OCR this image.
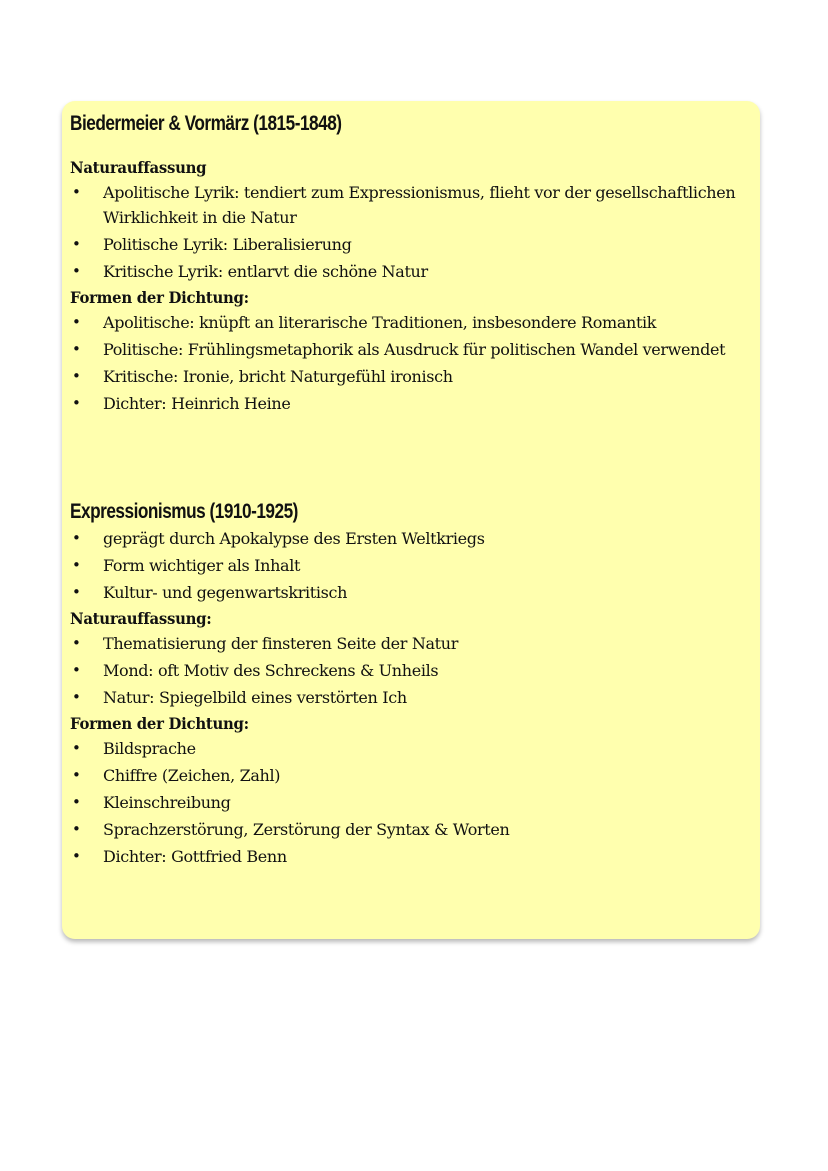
Biedermeier & Vormärz (1815-1848)
Naturauffassung
• Apolitische Lyrik: tendiert zum Expressionismus, flieht vor der gesellschaftlichen Wirklichkeit in die Natur
• Politische Lyrik: Liberalisierung
• Kritische Lyrik: entlarvt die schöne Natur
Formen der Dichtung:
• Apolitische: knüpft an literarische Traditionen, insbesondere Romantik
• Politische: Frühlingsmetaphorik als Ausdruck für politischen Wandel verwendet
• Kritische: Ironie, bricht Naturgefühl ironisch
• Dichter: Heinrich Heine
Expressionismus (1910-1925)
• geprägt durch Apokalypse des Ersten Weltkriegs
• Form wichtiger als Inhalt
• Kultur- und gegenwartskritisch
Naturauffassung:
• Thematisierung der finsteren Seite der Natur
• Mond: oft Motiv des Schreckens & Unheils
• Natur: Spiegelbild eines verstörten Ich
Formen der Dichtung:
• Bildsprache
• Chiffre (Zeichen, Zahl)
• Kleinschreibung
• Sprachzerstörung, Zerstörung der Syntax & Worten
• Dichter: Gottfried Benn
